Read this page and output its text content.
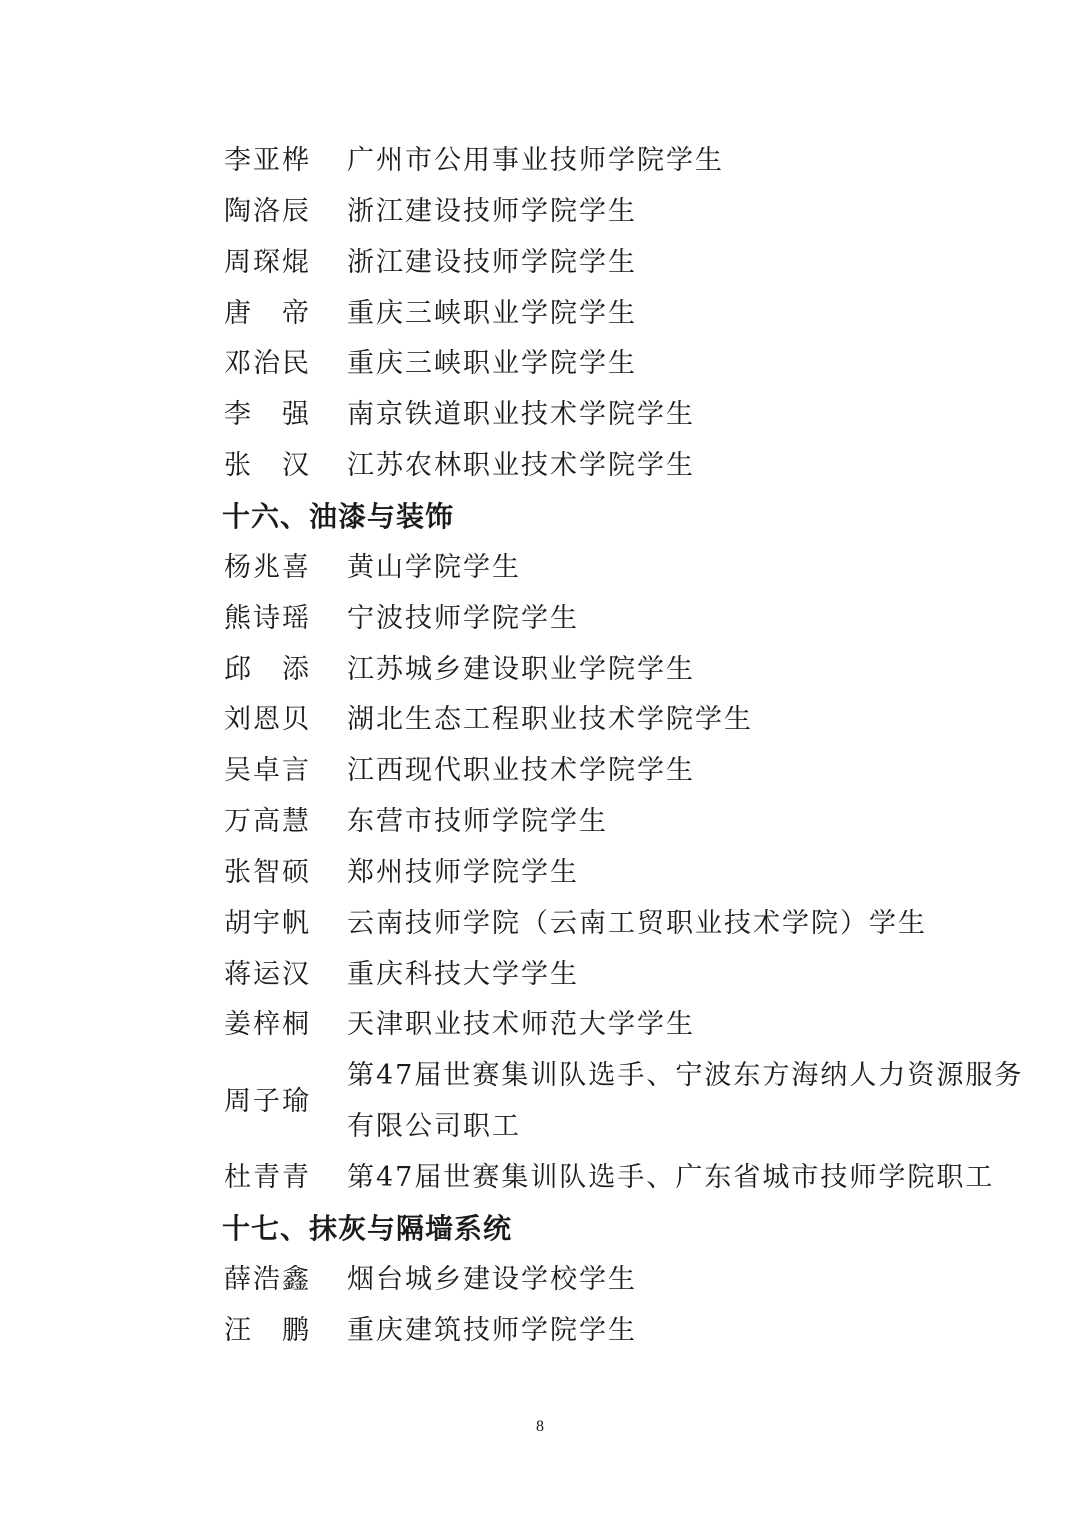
李亚桦 广州市公用事业技师学院学生
陶洛辰 浙江建设技师学院学生
周琛焜 浙江建设技师学院学生
唐　帝 重庆三峡职业学院学生
邓治民 重庆三峡职业学院学生
李　强 南京铁道职业技术学院学生
张　汉 江苏农林职业技术学院学生
十六、油漆与装饰
杨兆喜 黄山学院学生
熊诗瑶 宁波技师学院学生
邱　添 江苏城乡建设职业学院学生
刘恩贝 湖北生态工程职业技术学院学生
吴卓言 江西现代职业技术学院学生
万高慧 东营市技师学院学生
张智硕 郑州技师学院学生
胡宇帆 云南技师学院（云南工贸职业技术学院）学生
蒋运汉 重庆科技大学学生
姜梓桐 天津职业技术师范大学学生
周子瑜
第47届世赛集训队选手、宁波东方海纳人力资源服务
有限公司职工
杜青青 第47届世赛集训队选手、广东省城市技师学院职工
十七、抹灰与隔墙系统
薛浩鑫 烟台城乡建设学校学生
汪　鹏 重庆建筑技师学院学生
8
